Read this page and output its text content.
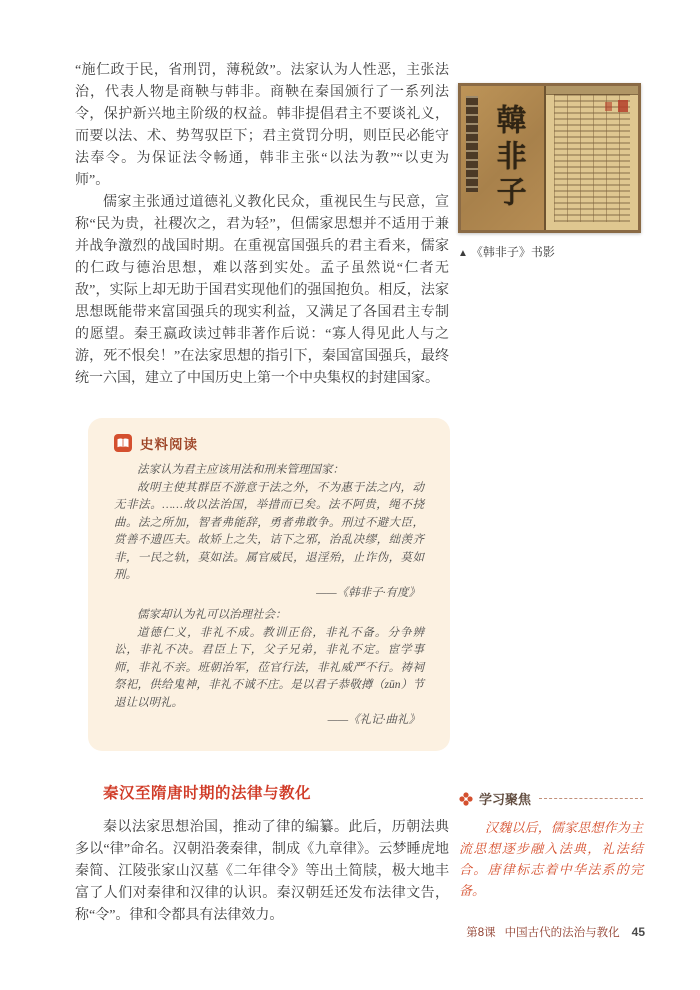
“施仁政于民，省刑罚，薄税敛”。法家认为人性恶，主张法治，代表人物是商鞅与韩非。商鞅在秦国颁行了一系列法令，保护新兴地主阶级的权益。韩非提倡君主不要谈礼义，而要以法、术、势驾驭臣下；君主赏罚分明，则臣民必能守法奉令。为保证法令畅通，韩非主张“以法为教”“以吏为师”。

儒家主张通过道德礼义教化民众，重视民生与民意，宣称“民为贵，社稷次之，君为轻”，但儒家思想并不适用于兼并战争激烈的战国时期。在重视富国强兵的君主看来，儒家的仁政与德治思想，难以落到实处。孟子虽然说“仁者无敌”，实际上却无助于国君实现他们的强国抱负。相反，法家思想既能带来富国强兵的现实利益，又满足了各国君主专制的愿望。秦王嬴政读过韩非著作后说：“寡人得见此人与之游，死不恨矣！”在法家思想的指引下，秦国富国强兵，最终统一六国，建立了中国历史上第一个中央集权的封建国家。

史料阅读

法家认为君主应该用法和刑来管理国家：

故明主使其群臣不游意于法之外，不为惠于法之内，动无非法。……故以法治国，举措而已矣。法不阿贵，绳不挠曲。法之所加，智者弗能辞，勇者弗敢争。刑过不避大臣，赏善不遗匹夫。故矫上之失，诘下之邪，治乱决缪，绌羡齐非，一民之轨，莫如法。属官威民，退淫殆，止诈伪，莫如刑。

——《韩非子·有度》

儒家却认为礼可以治理社会：

道德仁义，非礼不成。教训正俗，非礼不备。分争辨讼，非礼不决。君臣上下，父子兄弟，非礼不定。宦学事师，非礼不亲。班朝治军，莅官行法，非礼威严不行。祷祠祭祀，供给鬼神，非礼不诚不庄。是以君子恭敬撙（zūn）节退让以明礼。

——《礼记·曲礼》

秦汉至隋唐时期的法律与教化

秦以法家思想治国，推动了律的编纂。此后，历朝法典多以“律”命名。汉朝沿袭秦律，制成《九章律》。云梦睡虎地秦简、江陵张家山汉墓《二年律令》等出土简牍，极大地丰富了人们对秦律和汉律的认识。秦汉朝廷还发布法律文告，称“令”。律和令都具有法律效力。

韓非子
▲ 《韩非子》书影
学习聚焦

汉魏以后，儒家思想作为主流思想逐步融入法典，礼法结合。唐律标志着中华法系的完备。

第8课 中国古代的法治与教化 45
